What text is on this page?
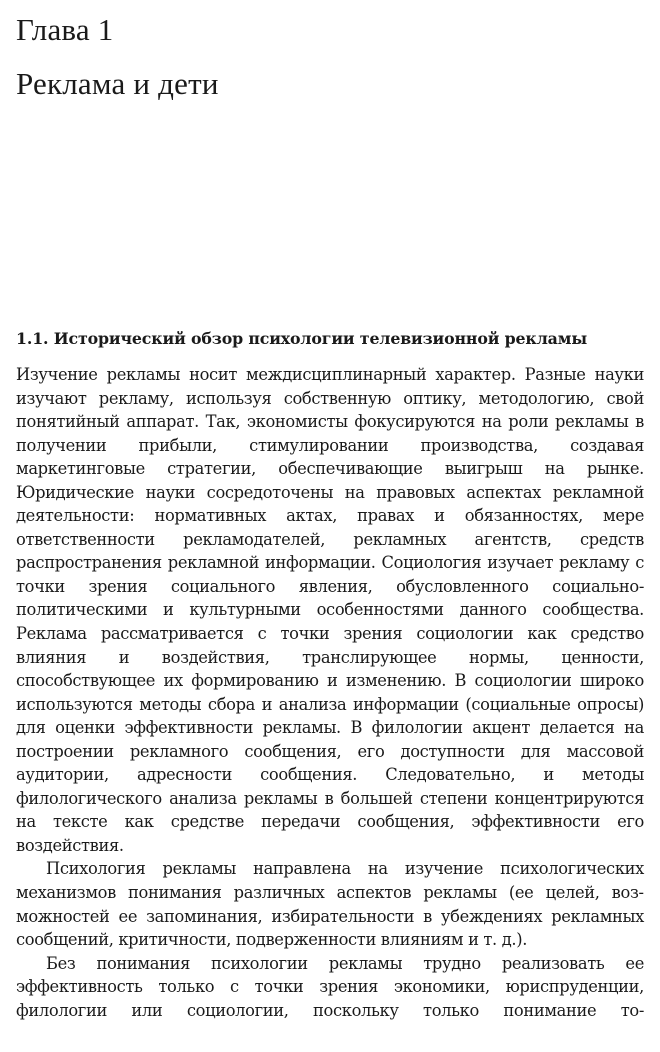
Глава 1
Реклама и дети
1.1. Исторический обзор психологии телевизионной рекламы

Изучение рекламы носит междисциплинарный характер. Разные науки изучают рекламу, используя собственную оптику, методологию, свой понятийный аппарат. Так, экономисты фокусируются на роли рекламы в получении прибыли, стимулировании производства, создавая маркетинговые стратегии, обеспечивающие выигрыш на рынке. Юридические науки сосредоточены на правовых аспектах рекламной деятельности: нормативных актах, правах и обязанностях, мере ответственности рекламодателей, рекламных агентств, средств распространения рекламной информации. Социология изучает рекламу с точки зрения социального явления, обусловленного социально-политическими и культурными особенностями данного сообщества. Реклама рассматривается с точки зрения социологии как средство влияния и воздействия, транслирующее нормы, ценности, способствующее их формированию и изменению. В социологии широко используются методы сбора и анализа информации (социальные опросы) для оценки эффективности рекламы. В филологии акцент делается на построении рекламного сообщения, его доступности для массовой аудитории, адресности сообщения. Следовательно, и методы филологического анализа рекламы в большей степени концентрируются на тексте как средстве передачи сообщения, эффективности его воздействия.

Психология рекламы направлена на изучение психологических механизмов понимания различных аспектов рекламы (ее целей, возможностей ее запоминания, избирательности в убеждениях рекламных сообщений, критичности, подверженности влияниям и т. д.).

Без понимания психологии рекламы трудно реализовать ее эффективность только с точки зрения экономики, юриспруденции, филологии или социологии, поскольку только понимание то-
